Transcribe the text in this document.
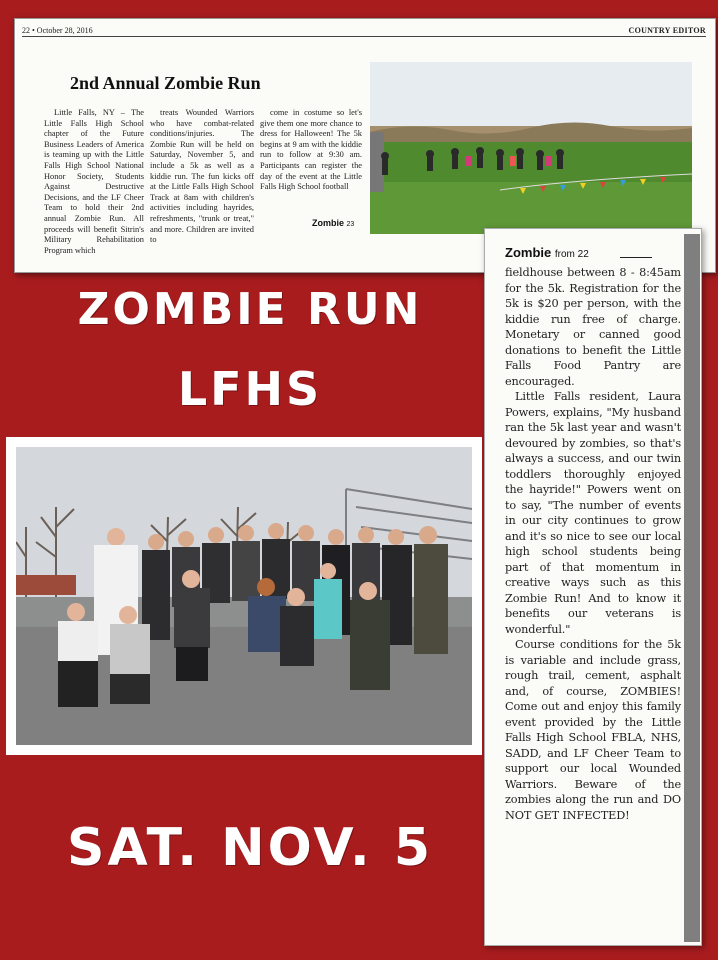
22 • October 28, 2016	COUNTRY EDITOR
2nd Annual Zombie Run
Little Falls, NY – The Little Falls High School chapter of the Future Business Leaders of America is teaming up with the Little Falls High School National Honor Society, Students Against Destructive Decisions, and the LF Cheer Team to hold their 2nd annual Zombie Run. All proceeds will benefit Sitrin's Military Rehabilitation Program which
treats Wounded Warriors who have combat-related conditions/injuries. The Zombie Run will be held on Saturday, November 5, and include a 5k as well as a kiddie run. The fun kicks off at the Little Falls High School Track at 8am with children's activities including hayrides, refreshments, "trunk or treat," and more. Children are invited to
come in costume so let's give them one more chance to dress for Halloween! The 5k begins at 9 am with the kiddie run to follow at 9:30 am. Participants can register the day of the event at the Little Falls High School football
Zombie 23
Zombie from 22

fieldhouse between 8 - 8:45am for the 5k. Registration for the 5k is $20 per person, with the kiddie run free of charge. Monetary or canned good donations to benefit the Little Falls Food Pantry are encouraged.

Little Falls resident, Laura Powers, explains, "My husband ran the 5k last year and wasn't devoured by zombies, so that's always a success, and our twin toddlers thoroughly enjoyed the hayride!" Powers went on to say, "The number of events in our city continues to grow and it's so nice to see our local high school students being part of that momentum in creative ways such as this Zombie Run! And to know it benefits our veterans is wonderful."

Course conditions for the 5k is variable and include grass, rough trail, cement, asphalt and, of course, ZOMBIES! Come out and enjoy this family event provided by the Little Falls High School FBLA, NHS, SADD, and LF Cheer Team to support our local Wounded Warriors. Beware of the zombies along the run and DO NOT GET INFECTED!

ZOMBIE RUN
LFHS
SAT. NOV. 5
